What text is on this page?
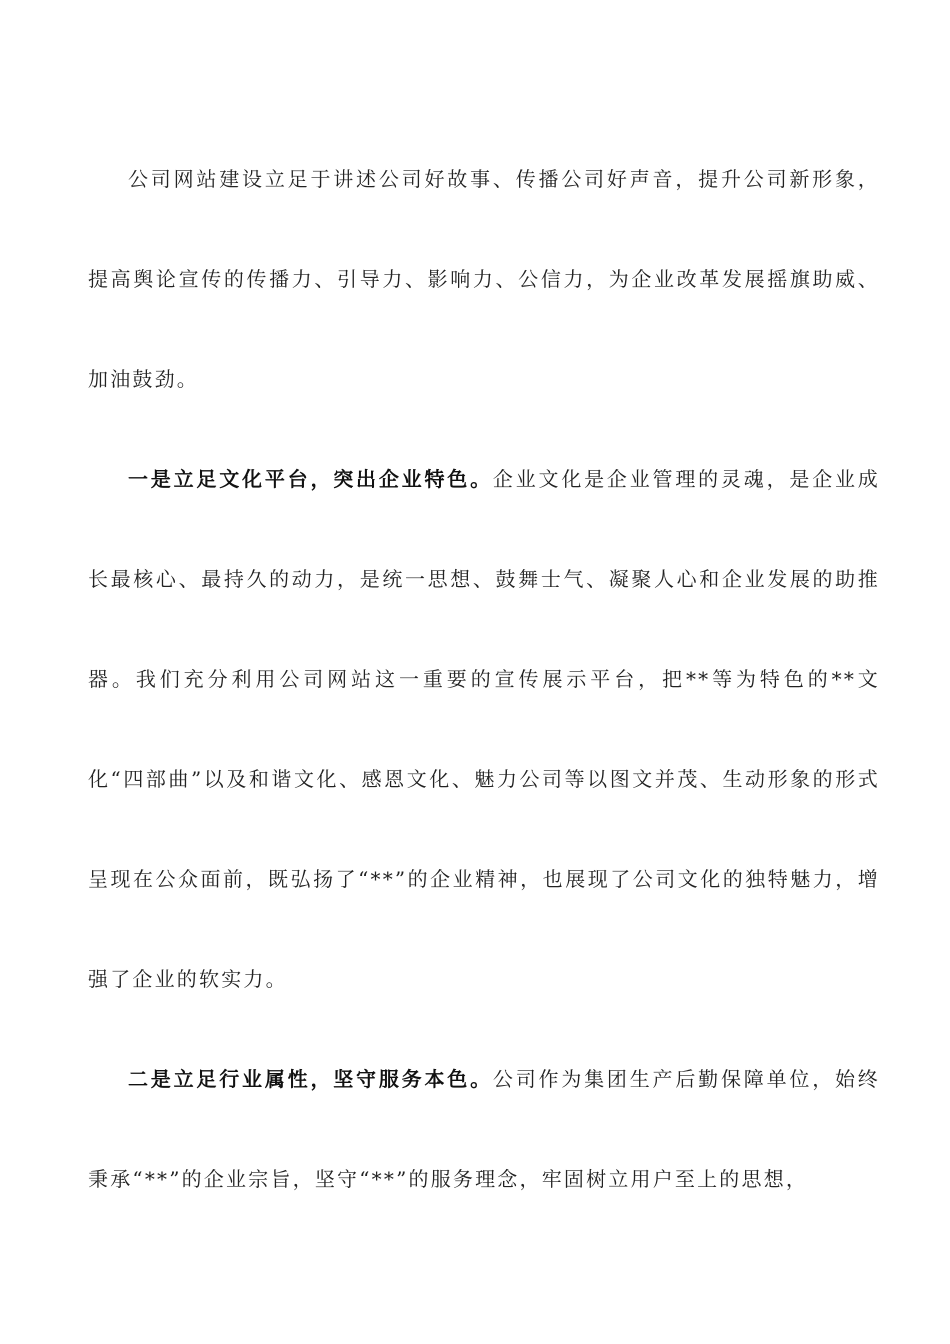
公司网站建设立足于讲述公司好故事、传播公司好声音，提升公司新形象，提高舆论宣传的传播力、引导力、影响力、公信力，为企业改革发展摇旗助威、加油鼓劲。

一是立足文化平台，突出企业特色。企业文化是企业管理的灵魂，是企业成长最核心、最持久的动力，是统一思想、鼓舞士气、凝聚人心和企业发展的助推器。我们充分利用公司网站这一重要的宣传展示平台，把**等为特色的**文化“四部曲”以及和谐文化、感恩文化、魅力公司等以图文并茂、生动形象的形式呈现在公众面前，既弘扬了“**”的企业精神，也展现了公司文化的独特魅力，增强了企业的软实力。

二是立足行业属性，坚守服务本色。公司作为集团生产后勤保障单位，始终秉承“**”的企业宗旨，坚守“**”的服务理念，牢固树立用户至上的思想，
